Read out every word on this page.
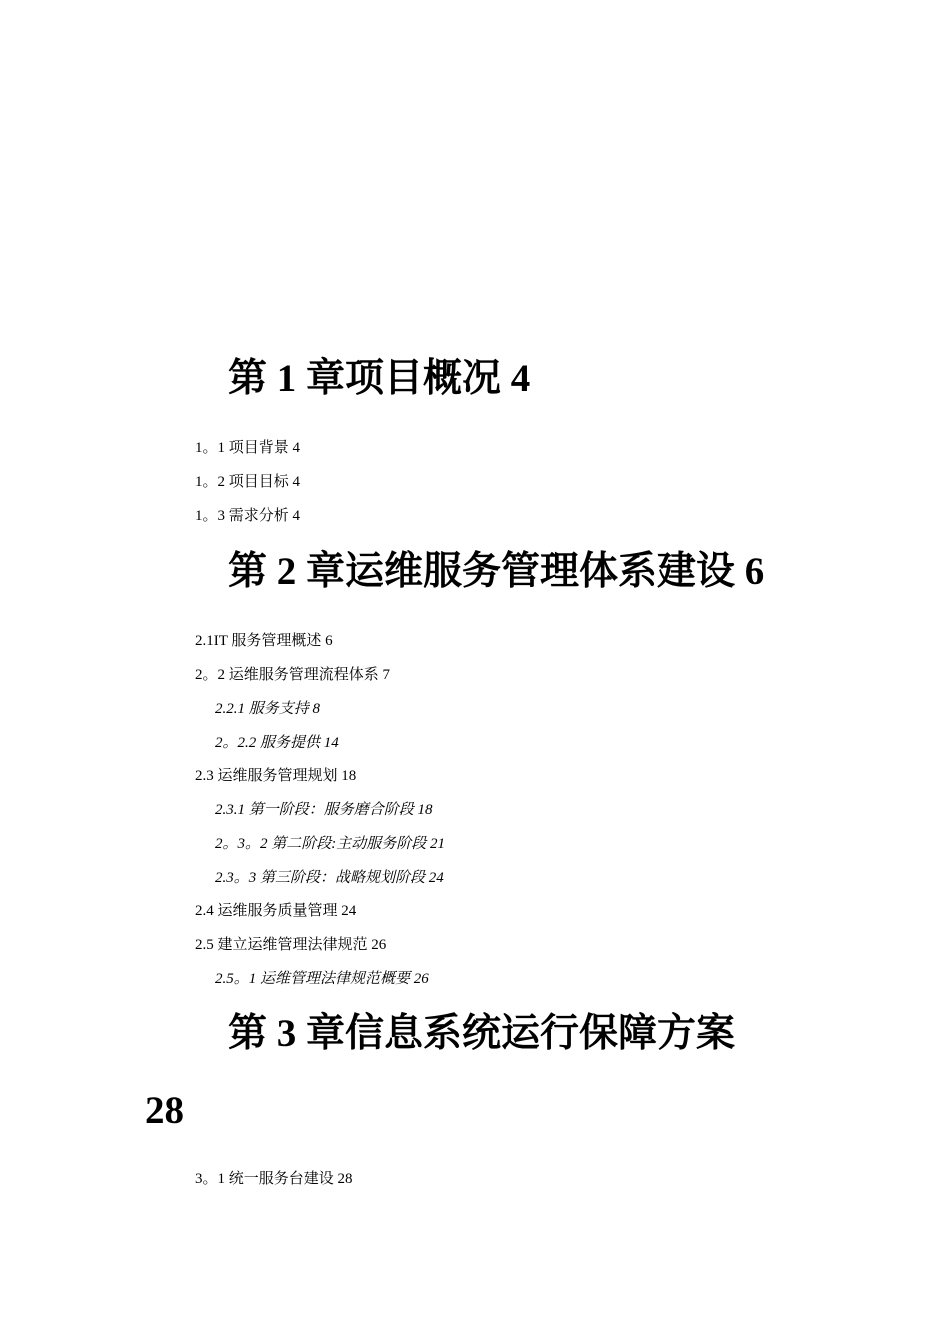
第 1 章项目概况 4
1。1 项目背景 4
1。2 项目目标 4
1。3 需求分析 4
第 2 章运维服务管理体系建设 6
2.1IT 服务管理概述 6
2。2 运维服务管理流程体系 7
2.2.1 服务支持 8
2。2.2 服务提供 14
2.3 运维服务管理规划 18
2.3.1 第一阶段：服务磨合阶段 18
2。3。2 第二阶段:主动服务阶段 21
2.3。3 第三阶段：战略规划阶段 24
2.4 运维服务质量管理 24
2.5 建立运维管理法律规范 26
2.5。1 运维管理法律规范概要 26
第 3 章信息系统运行保障方案
28
3。1 统一服务台建设 28
